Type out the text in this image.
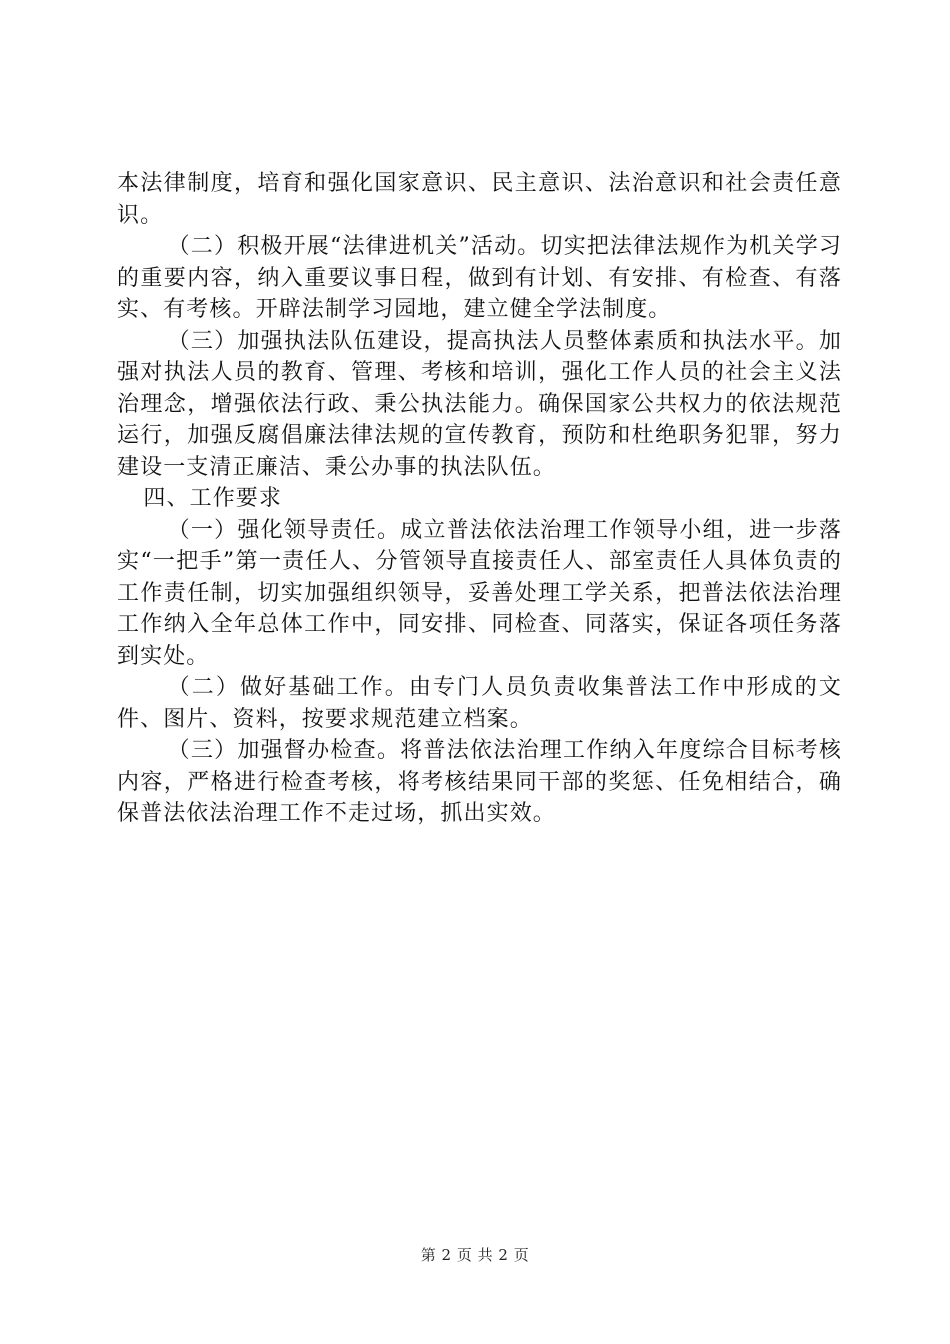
本法律制度，培育和强化国家意识、民主意识、法治意识和社会责任意识。

（二）积极开展“法律进机关”活动。切实把法律法规作为机关学习的重要内容，纳入重要议事日程，做到有计划、有安排、有检查、有落实、有考核。开辟法制学习园地，建立健全学法制度。

（三）加强执法队伍建设，提高执法人员整体素质和执法水平。加强对执法人员的教育、管理、考核和培训，强化工作人员的社会主义法治理念，增强依法行政、秉公执法能力。确保国家公共权力的依法规范运行，加强反腐倡廉法律法规的宣传教育，预防和杜绝职务犯罪，努力建设一支清正廉洁、秉公办事的执法队伍。

四、工作要求

（一）强化领导责任。成立普法依法治理工作领导小组，进一步落实“一把手”第一责任人、分管领导直接责任人、部室责任人具体负责的工作责任制，切实加强组织领导，妥善处理工学关系，把普法依法治理工作纳入全年总体工作中，同安排、同检查、同落实，保证各项任务落到实处。

（二）做好基础工作。由专门人员负责收集普法工作中形成的文件、图片、资料，按要求规范建立档案。

（三）加强督办检查。将普法依法治理工作纳入年度综合目标考核内容，严格进行检查考核，将考核结果同干部的奖惩、任免相结合，确保普法依法治理工作不走过场，抓出实效。

第 2 页 共 2 页
